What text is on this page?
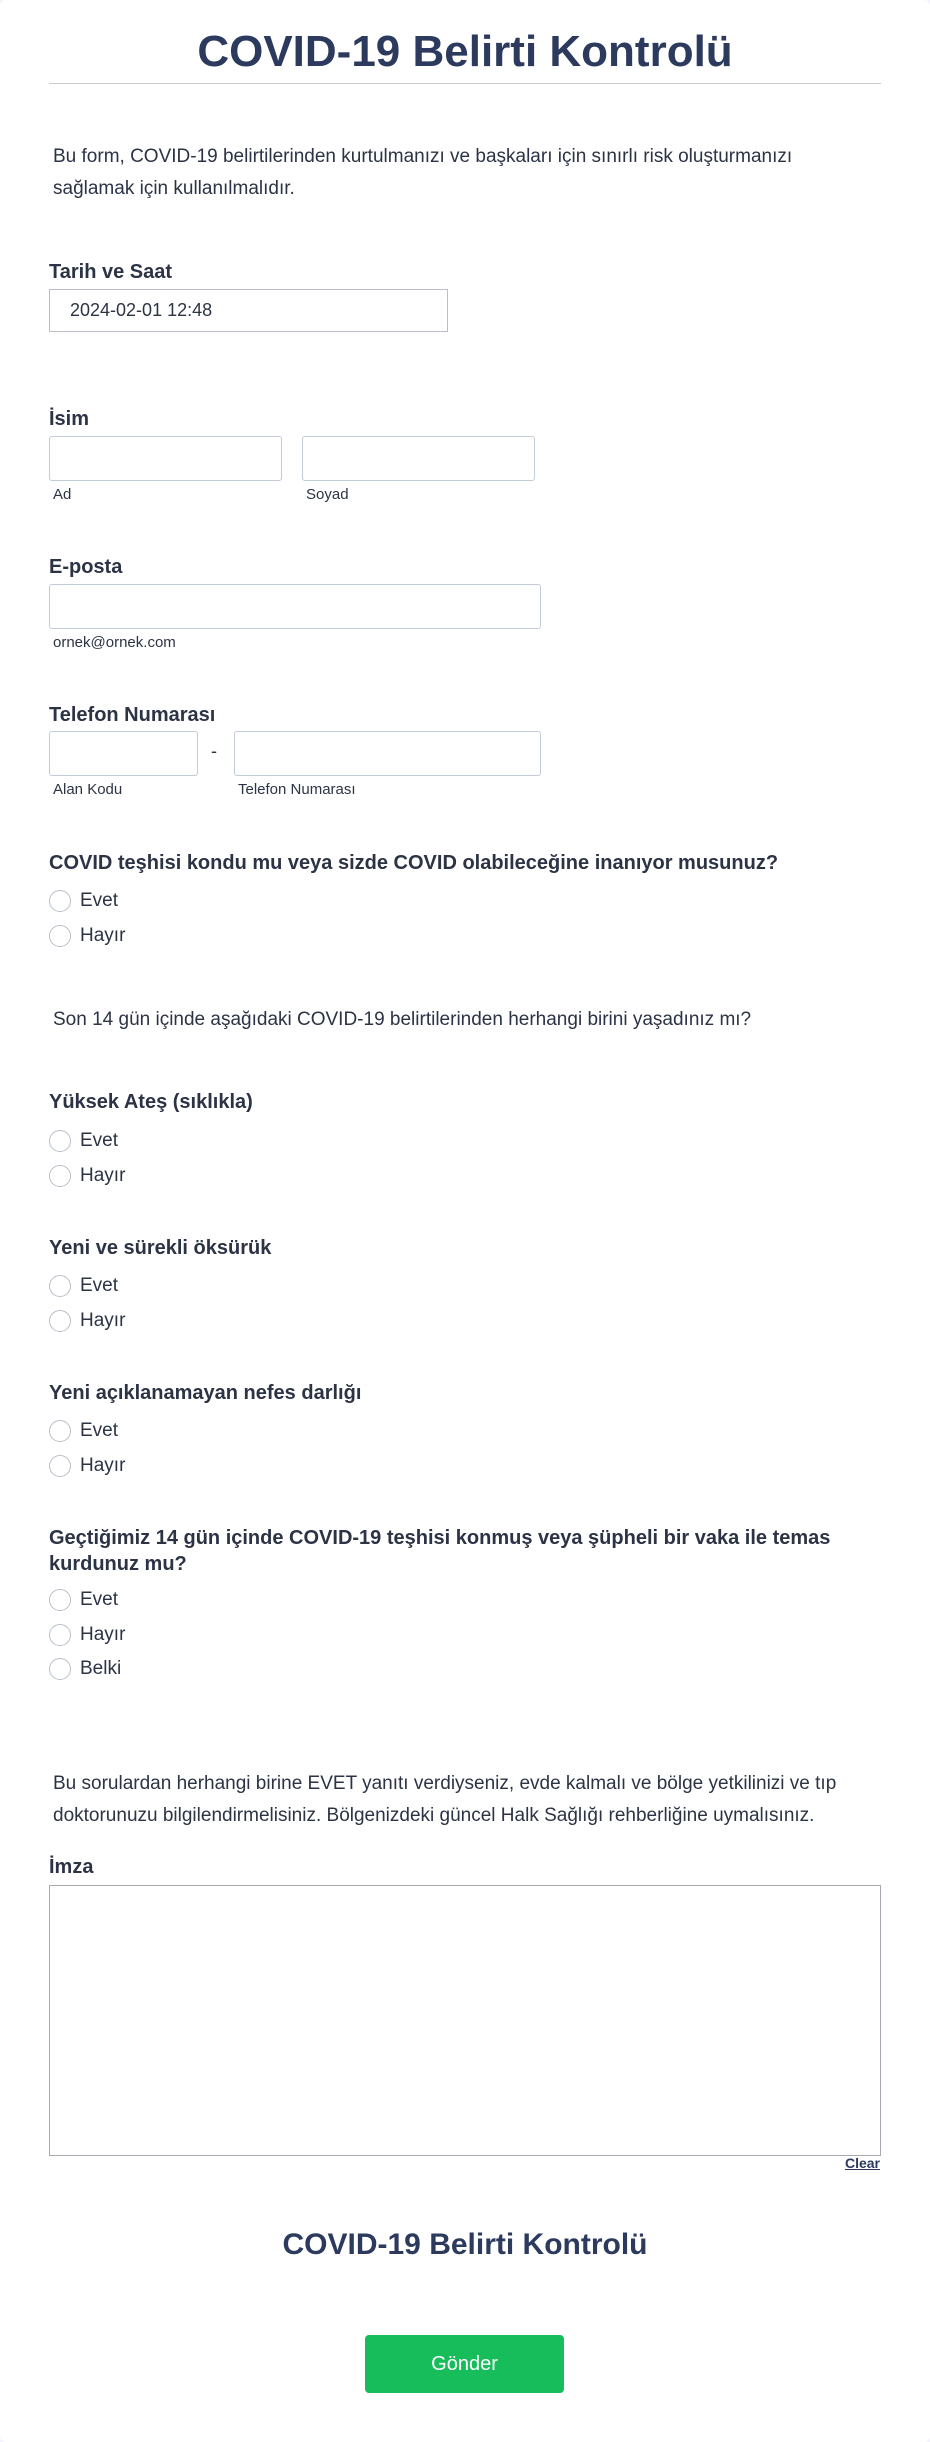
COVID-19 Belirti Kontrolü

Bu form, COVID-19 belirtilerinden kurtulmanızı ve başkaları için sınırlı risk oluşturmanızı sağlamak için kullanılmalıdır.

Tarih ve Saat

2024-02-01 12:48

İsim

Ad	Soyad

E-posta

ornek@ornek.com

Telefon Numarası

-

Alan Kodu	Telefon Numarası

COVID teşhisi kondu mu veya sizde COVID olabileceğine inanıyor musunuz?

Evet
Hayır

Son 14 gün içinde aşağıdaki COVID-19 belirtilerinden herhangi birini yaşadınız mı?

Yüksek Ateş (sıklıkla)

Evet
Hayır

Yeni ve sürekli öksürük

Evet
Hayır

Yeni açıklanamayan nefes darlığı

Evet
Hayır

Geçtiğimiz 14 gün içinde COVID-19 teşhisi konmuş veya şüpheli bir vaka ile temas kurdunuz mu?

Evet
Hayır
Belki

Bu sorulardan herhangi birine EVET yanıtı verdiyseniz, evde kalmalı ve bölge yetkilinizi ve tıp doktorunuzu bilgilendirmelisiniz. Bölgenizdeki güncel Halk Sağlığı rehberliğine uymalısınız.

İmza

Clear
COVID-19 Belirti Kontrolü
Gönder
